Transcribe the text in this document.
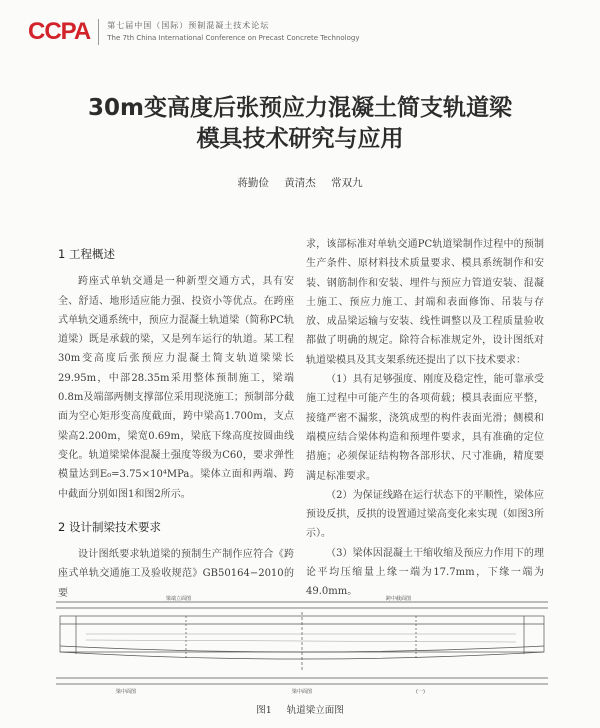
CCPA 第七届中国（国际）预制混凝土技术论坛
The 7th China International Conference on Precast Concrete Technology
30m变高度后张预应力混凝土简支轨道梁
模具技术研究与应用
蒋勤俭 黄清杰 常双九
1 工程概述

跨座式单轨交通是一种新型交通方式，具有安全、舒适、地形适应能力强、投资小等优点。在跨座式单轨交通系统中，预应力混凝土轨道梁（简称PC轨道梁）既是承载的梁，又是列车运行的轨道。某工程30m变高度后张预应力混凝土简支轨道梁梁长29.95m，中部28.35m采用整体预制施工，梁端0.8m及端部两侧支撑部位采用现浇施工；预制部分截面为空心矩形变高度截面，跨中梁高1.700m，支点梁高2.200m，梁宽0.69m，梁底下缘高度按圆曲线变化。轨道梁梁体混凝土强度等级为C60，要求弹性模量达到E₀=3.75×10⁴MPa。梁体立面和两端、跨中截面分别如图1和图2所示。

2 设计制梁技术要求

设计图纸要求轨道梁的预制生产制作应符合《跨座式单轨交通施工及验收规范》GB50164−2010的要

求，该部标准对单轨交通PC轨道梁制作过程中的预制生产条件、原材料技术质量要求、模具系统制作和安装、钢筋制作和安装、埋件与预应力管道安装、混凝土施工、预应力施工、封端和表面修饰、吊装与存放、成品梁运输与安装、线性调整以及工程质量验收都做了明确的规定。除符合标准规定外，设计图纸对轨道梁模具及其支架系统还提出了以下技术要求：

（1）具有足够强度、刚度及稳定性，能可靠承受施工过程中可能产生的各项荷载；模具表面应平整，接缝严密不漏浆，浇筑成型的构件表面光滑；侧模和端模应结合梁体构造和预埋件要求，具有准确的定位措施；必须保证结构物各部形状、尺寸准确，精度要满足标准要求。

（2）为保证线路在运行状态下的平顺性，梁体应预设反拱，反拱的设置通过梁高变化来实现（如图3所示）。

（3）梁体因混凝土干缩收缩及预应力作用下的理论平均压缩量上缘一端为17.7mm，下缘一端为49.0mm。

梁端立面图	跨中截面图
梁中面图	梁中面图	(一)
图1 轨道梁立面图
